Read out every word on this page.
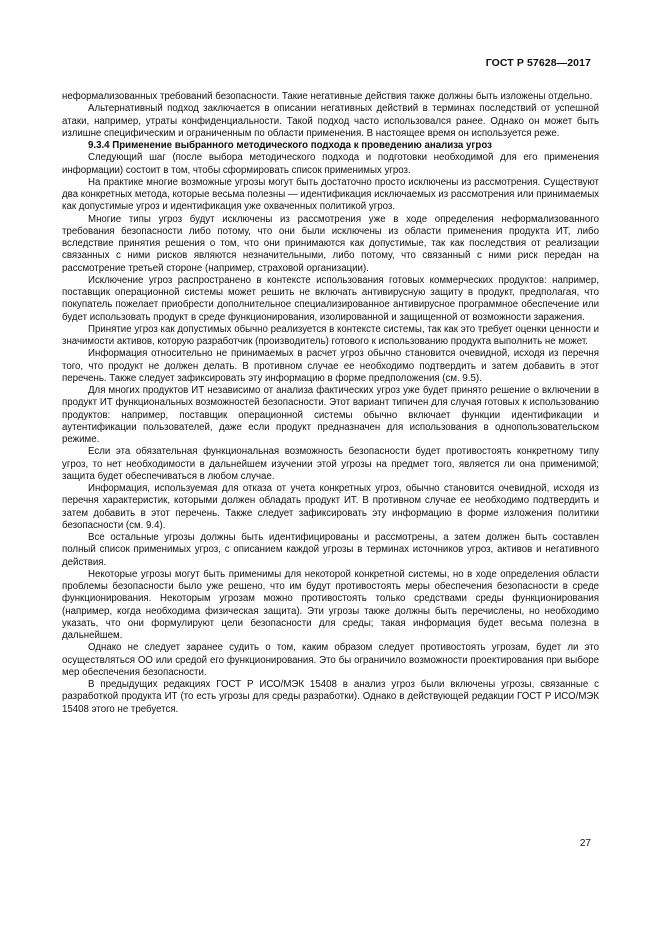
ГОСТ Р 57628—2017

неформализованных требований безопасности. Такие негативные действия также должны быть изложены отдельно.

Альтернативный подход заключается в описании негативных действий в терминах последствий от успешной атаки, например, утраты конфиденциальности. Такой подход часто использовался ранее. Однако он может быть излишне специфическим и ограниченным по области применения. В настоящее время он используется реже.

9.3.4 Применение выбранного методического подхода к проведению анализа угроз

Следующий шаг (после выбора методического подхода и подготовки необходимой для его применения информации) состоит в том, чтобы сформировать список применимых угроз.

На практике многие возможные угрозы могут быть достаточно просто исключены из рассмотрения. Существуют два конкретных метода, которые весьма полезны — идентификация исключаемых из рассмотрения или принимаемых как допустимые угроз и идентификация уже охваченных политикой угроз.

Многие типы угроз будут исключены из рассмотрения уже в ходе определения неформализованного требования безопасности либо потому, что они были исключены из области применения продукта ИТ, либо вследствие принятия решения о том, что они принимаются как допустимые, так как последствия от реализации связанных с ними рисков являются незначительными, либо потому, что связанный с ними риск передан на рассмотрение третьей стороне (например, страховой организации).

Исключение угроз распространено в контексте использования готовых коммерческих продуктов: например, поставщик операционной системы может решить не включать антивирусную защиту в продукт, предполагая, что покупатель пожелает приобрести дополнительное специализированное антивирусное программное обеспечение или будет использовать продукт в среде функционирования, изолированной и защищенной от возможности заражения.

Принятие угроз как допустимых обычно реализуется в контексте системы, так как это требует оценки ценности и значимости активов, которую разработчик (производитель) готового к использованию продукта выполнить не может.

Информация относительно не принимаемых в расчет угроз обычно становится очевидной, исходя из перечня того, что продукт не должен делать. В противном случае ее необходимо подтвердить и затем добавить в этот перечень. Также следует зафиксировать эту информацию в форме предположения (см. 9.5).

Для многих продуктов ИТ независимо от анализа фактических угроз уже будет принято решение о включении в продукт ИТ функциональных возможностей безопасности. Этот вариант типичен для случая готовых к использованию продуктов: например, поставщик операционной системы обычно включает функции идентификации и аутентификации пользователей, даже если продукт предназначен для использования в однопользовательском режиме.

Если эта обязательная функциональная возможность безопасности будет противостоять конкретному типу угроз, то нет необходимости в дальнейшем изучении этой угрозы на предмет того, является ли она применимой; защита будет обеспечиваться в любом случае.

Информация, используемая для отказа от учета конкретных угроз, обычно становится очевидной, исходя из перечня характеристик, которыми должен обладать продукт ИТ. В противном случае ее необходимо подтвердить и затем добавить в этот перечень. Также следует зафиксировать эту информацию в форме изложения политики безопасности (см. 9.4).

Все остальные угрозы должны быть идентифицированы и рассмотрены, а затем должен быть составлен полный список применимых угроз, с описанием каждой угрозы в терминах источников угроз, активов и негативного действия.

Некоторые угрозы могут быть применимы для некоторой конкретной системы, но в ходе определения области проблемы безопасности было уже решено, что им будут противостоять меры обеспечения безопасности в среде функционирования. Некоторым угрозам можно противостоять только средствами среды функционирования (например, когда необходима физическая защита). Эти угрозы также должны быть перечислены, но необходимо указать, что они формулируют цели безопасности для среды; такая информация будет весьма полезна в дальнейшем.

Однако не следует заранее судить о том, каким образом следует противостоять угрозам, будет ли это осуществляться ОО или средой его функционирования. Это бы ограничило возможности проектирования при выборе мер обеспечения безопасности.

В предыдущих редакциях ГОСТ Р ИСО/МЭК 15408 в анализ угроз были включены угрозы, связанные с разработкой продукта ИТ (то есть угрозы для среды разработки). Однако в действующей редакции ГОСТ Р ИСО/МЭК 15408 этого не требуется.

27
